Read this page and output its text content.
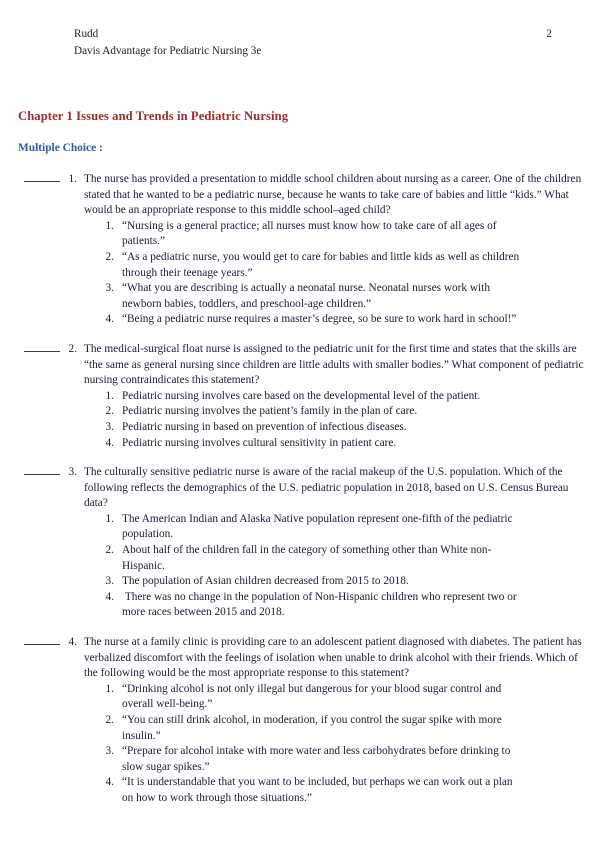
Rudd
Davis Advantage for Pediatric Nursing 3e
2
Chapter 1 Issues and Trends in Pediatric Nursing
Multiple Choice :
1. The nurse has provided a presentation to middle school children about nursing as a career. One of the children stated that he wanted to be a pediatric nurse, because he wants to take care of babies and little “kids.” What would be an appropriate response to this middle school–aged child?

1. “Nursing is a general practice; all nurses must know how to take care of all ages of patients.”
2. “As a pediatric nurse, you would get to care for babies and little kids as well as children through their teenage years.”
3. “What you are describing is actually a neonatal nurse. Neonatal nurses work with newborn babies, toddlers, and preschool-age children.”
4. “Being a pediatric nurse requires a master’s degree, so be sure to work hard in school!”
2. The medical-surgical float nurse is assigned to the pediatric unit for the first time and states that the skills are “the same as general nursing since children are little adults with smaller bodies.” What component of pediatric nursing contraindicates this statement?

1. Pediatric nursing involves care based on the developmental level of the patient.
2. Pediatric nursing involves the patient’s family in the plan of care.
3. Pediatric nursing in based on prevention of infectious diseases.
4. Pediatric nursing involves cultural sensitivity in patient care.
3. The culturally sensitive pediatric nurse is aware of the racial makeup of the U.S. population. Which of the following reflects the demographics of the U.S. pediatric population in 2018, based on U.S. Census Bureau data?

1. The American Indian and Alaska Native population represent one-fifth of the pediatric population.
2. About half of the children fall in the category of something other than White non-Hispanic.
3. The population of Asian children decreased from 2015 to 2018.
4. There was no change in the population of Non-Hispanic children who represent two or more races between 2015 and 2018.
4. The nurse at a family clinic is providing care to an adolescent patient diagnosed with diabetes. The patient has verbalized discomfort with the feelings of isolation when unable to drink alcohol with their friends. Which of the following would be the most appropriate response to this statement?

1. “Drinking alcohol is not only illegal but dangerous for your blood sugar control and overall well-being.”
2. “You can still drink alcohol, in moderation, if you control the sugar spike with more insulin.”
3. “Prepare for alcohol intake with more water and less carbohydrates before drinking to slow sugar spikes.”
4. “It is understandable that you want to be included, but perhaps we can work out a plan on how to work through those situations.”
